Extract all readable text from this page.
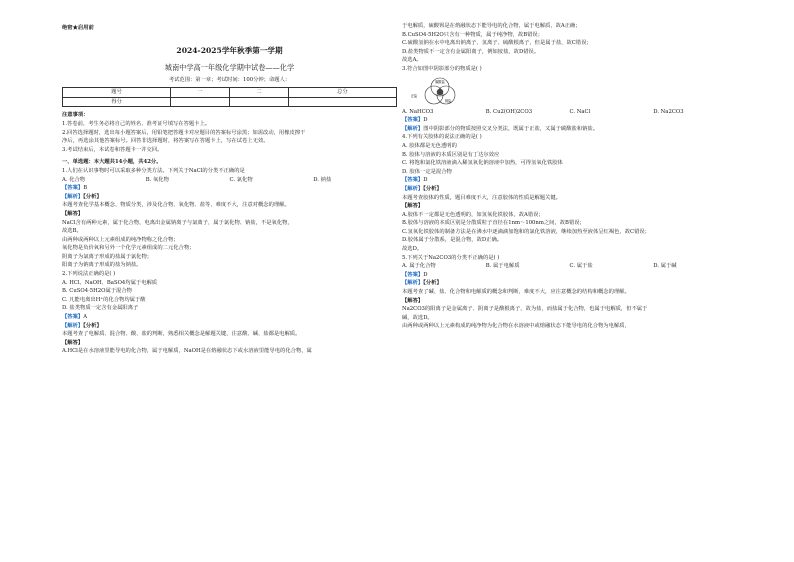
绝密★启用前
2024-2025学年秋季第一学期
城南中学高一年级化学期中试卷——化学
考试范围：第一章；考试时间：100分钟；命题人：
题号	一	二	总分
得分			

注意事项：

1.答卷前，考生务必将自己的姓名、准考证号填写在答题卡上。

2.回答选择题时，选出每小题答案后，用铅笔把答题卡对应题目的答案标号涂黑；如需改动，用橡皮擦干

净后，再选涂其他答案标号。回答非选择题时，将答案写在答题卡上，写在试卷上无效。

3.考试结束后，本试卷和答题卡一并交回。

一、单选题：本大题共14小题，共42分。

1.人们在认识事物时可以采取多种分类方法。下列关于NaCl的分类不正确的是

A. 化合物	B. 氧化物	C. 氯化物	D. 钠盐

【答案】B

【解析】【分析】

本题考查化学基本概念、物质分类，涉及化合物、氧化物、盐等，难度不大，注意对概念的理解。

【解答】

NaCl含有两种元素，属于化合物，电离出金属钠离子与氯离子，属于氯化物、钠盐，不是氧化物，

故选B。

由两种或两种以上元素组成的纯净物称之化合物；

氧化物是负价氧和另外一个化学元素组成的二元化合物；

阴离子为氯离子形成的盐属于氯化物；

阳离子为钠离子形成的盐为钠盐。

2.下列说法正确的是( )

A. HCl、NaOH、BaSO4均属于电解质

B. CuSO4·5H2O属于混合物

C. 凡能电离出H⁺的化合物均属于酸

D. 盐类物质一定含有金属阳离子

【答案】A

【解析】【分析】

本题考查了电解质、混合物、酸、盐的判断，熟悉相关概念是解题关键，注意酸、碱、盐都是电解质。

【解答】

A.HCl是在水溶液里能导电的化合物，属于电解质，NaOH是在熔融状态下或水溶液里能导电的化合物，属

于电解质，硫酸钡是在熔融状态下能导电的化合物，属于电解质，故A正确；

B.CuSO4·5H2O只含有一种物质，属于纯净物，故B错误；

C.硫酸氢钠在水中电离出钠离子、氢离子、硫酸根离子，但是属于盐，故C错误；

D.盐类物质不一定含有金属阳离子，例如铵盐，故D错误。

故选A。

3.符合如图中阴影部分的物质是( )

碳酸盐
正盐
钠盐
A. NaHCO3	B. Cu2(OH)2CO3	C. NaCl	D. Na2CO3

【答案】D

【解析】图中阴影部分的物质按照交叉分类法，既属于正盐，又属于碳酸盐和钠盐。

4.下列有关胶体的说法正确的是( )

A. 胶体都是无色透明的

B. 胶体与溶液的本质区别是有丁达尔效应

C. 将饱和氯化铁溶液滴入稀氢氧化钠溶液中加热，可得氢氧化铁胶体

D. 胶体一定是混合物

【答案】D

【解析】【分析】

本题考查胶体的性质，题目难度不大，注意胶体的性质是解题关键。

【解答】

A.胶体不一定都是无色透明的，如氢氧化铁胶体，故A错误；

B.胶体与溶液的本质区别是分散质粒子直径在1nm～100nm之间，故B错误；

C.氢氧化铁胶体的制备方法是在沸水中逐滴滴加饱和的氯化铁溶液，继续加热至液体呈红褐色，故C错误；

D.胶体属于分散系，是混合物，故D正确。

故选D。

5.下列关于Na2CO3的分类不正确的是( )

A. 属于化合物	B. 属于电解质	C. 属于盐	D. 属于碱

【答案】D

【解析】【分析】

本题考查了碱、盐、化合物和电解质的概念和判断，难度不大，应注意概念的结构和概念的理解。

【解答】

Na2CO3的阳离子是金属离子、阴离子是酸根离子，故为盐，而盐属于化合物，也属于电解质，但不属于

碱，故选D。

由两种或两种以上元素构成的纯净物为化合物在水溶液中或熔融状态下能导电的化合物为电解质，
